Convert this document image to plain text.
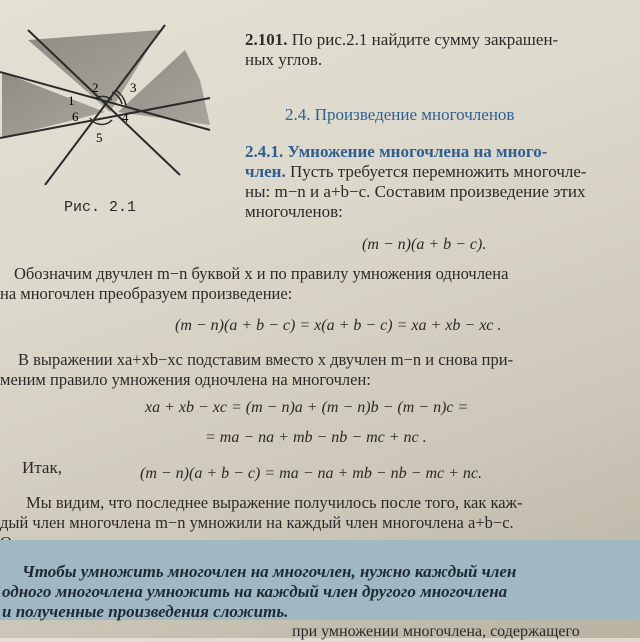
1
2 3
4
5
6
Рис. 2.1
2.101. По рис.2.1 найдите сумму закрашен-
ных углов.
2.4. Произведение многочленов
2.4.1. Умножение многочлена на много-
член. Пусть требуется перемножить многочле-
ны: m−n и a+b−c. Составим произведение этих
многочленов:
(m − n)(a + b − c).
Обозначим двучлен m−n буквой x и по правилу умножения одночлена
на многочлен преобразуем произведение:
(m − n)(a + b − c) = x(a + b − c) = xa + xb − xc .
В выражении xa+xb−xc подставим вместо x двучлен m−n и снова при-
меним правило умножения одночлена на многочлен:
xa + xb − xc = (m − n)a + (m − n)b − (m − n)c =
= ma − na + mb − nb − mc + nc .
Итак,	(m − n)(a + b − c) = ma − na + mb − nb − mc + nc.
Мы видим, что последнее выражение получилось после того, как каж-
дый член многочлена m−n умножили на каждый член многочлена a+b−c.
Чтобы умножить многочлен на многочлен, нужно каждый член
одного многочлена умножить на каждый член другого многочлена
и полученные произведения сложить.
при умножении многочлена, содержащего
